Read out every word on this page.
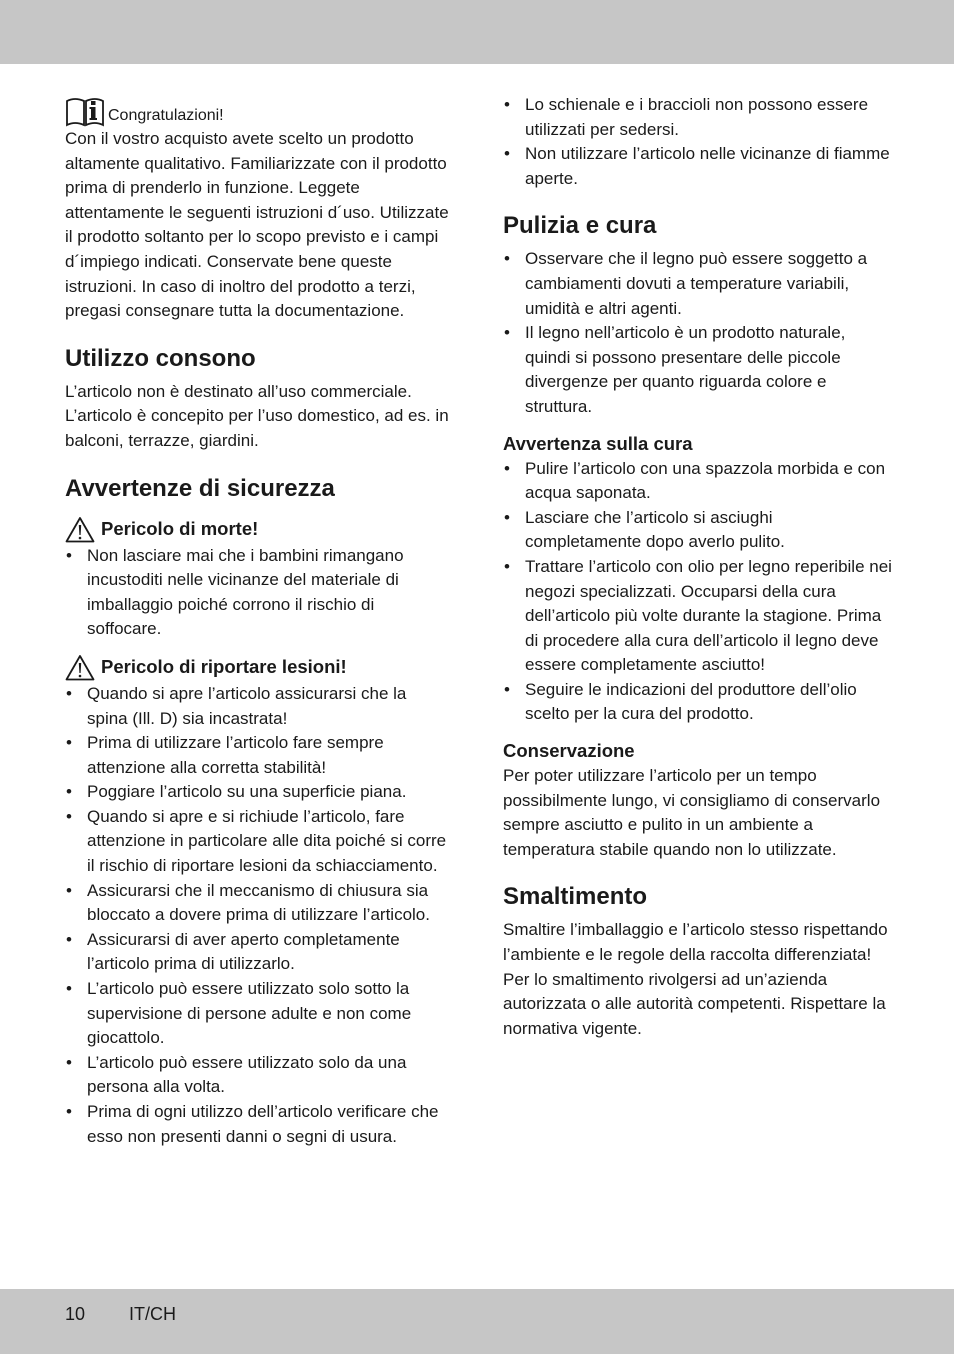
Congratulazioni!

Con il vostro acquisto avete scelto un prodotto altamente qualitativo. Familiarizzate con il prodotto prima di prenderlo in funzione. Leggete attentamente le seguenti istruzioni d´uso. Utilizzate il prodotto soltanto per lo scopo previsto e i campi d´impiego indicati. Conservate bene queste istruzioni. In caso di inoltro del prodotto a terzi, pregasi consegnare tutta la documentazione.

Utilizzo consono

L’articolo non è destinato all’uso commerciale. L’articolo è concepito per l’uso domestico, ad es. in balconi, terrazze, giardini.

Avvertenze di sicurezza
Pericolo di morte!
• Non lasciare mai che i bambini rimangano incustoditi nelle vicinanze del materiale di imballaggio poiché corrono il rischio di soffocare.
Pericolo di riportare lesioni!
• Quando si apre l’articolo assicurarsi che la spina (Ill. D) sia incastrata!
• Prima di utilizzare l’articolo fare sempre attenzione alla corretta stabilità!
• Poggiare l’articolo su una superficie piana.
• Quando si apre e si richiude l’articolo, fare attenzione in particolare alle dita poiché si corre il rischio di riportare lesioni da schiacciamento.
• Assicurarsi che il meccanismo di chiusura sia bloccato a dovere prima di utilizzare l’articolo.
• Assicurarsi di aver aperto completamente l’articolo prima di utilizzarlo.
• L’articolo può essere utilizzato solo sotto la supervisione di persone adulte e non come giocattolo.
• L’articolo può essere utilizzato solo da una persona alla volta.
• Prima di ogni utilizzo dell’articolo verificare che esso non presenti danni o segni di usura.
• Lo schienale e i braccioli non possono essere utilizzati per sedersi.
• Non utilizzare l’articolo nelle vicinanze di fiamme aperte.
Pulizia e cura
• Osservare che il legno può essere soggetto a cambiamenti dovuti a temperature variabili, umidità e altri agenti.
• Il legno nell’articolo è un prodotto naturale, quindi si possono presentare delle piccole divergenze per quanto riguarda colore e struttura.
Avvertenza sulla cura
• Pulire l’articolo con una spazzola morbida e con acqua saponata.
• Lasciare che l’articolo si asciughi completamente dopo averlo pulito.
• Trattare l’articolo con olio per legno reperibile nei negozi specializzati. Occuparsi della cura dell’articolo più volte durante la stagione. Prima di procedere alla cura dell’articolo il legno deve essere completamente asciutto!
• Seguire le indicazioni del produttore dell’olio scelto per la cura del prodotto.
Conservazione

Per poter utilizzare l’articolo per un tempo possibilmente lungo, vi consigliamo di conservarlo sempre asciutto e pulito in un ambiente a temperatura stabile quando non lo utilizzate.

Smaltimento

Smaltire l’imballaggio e l’articolo stesso rispettando l’ambiente e le regole della raccolta differenziata! Per lo smaltimento rivolgersi ad un’azienda autorizzata o alle autorità competenti. Rispettare la normativa vigente.

10 IT/CH
